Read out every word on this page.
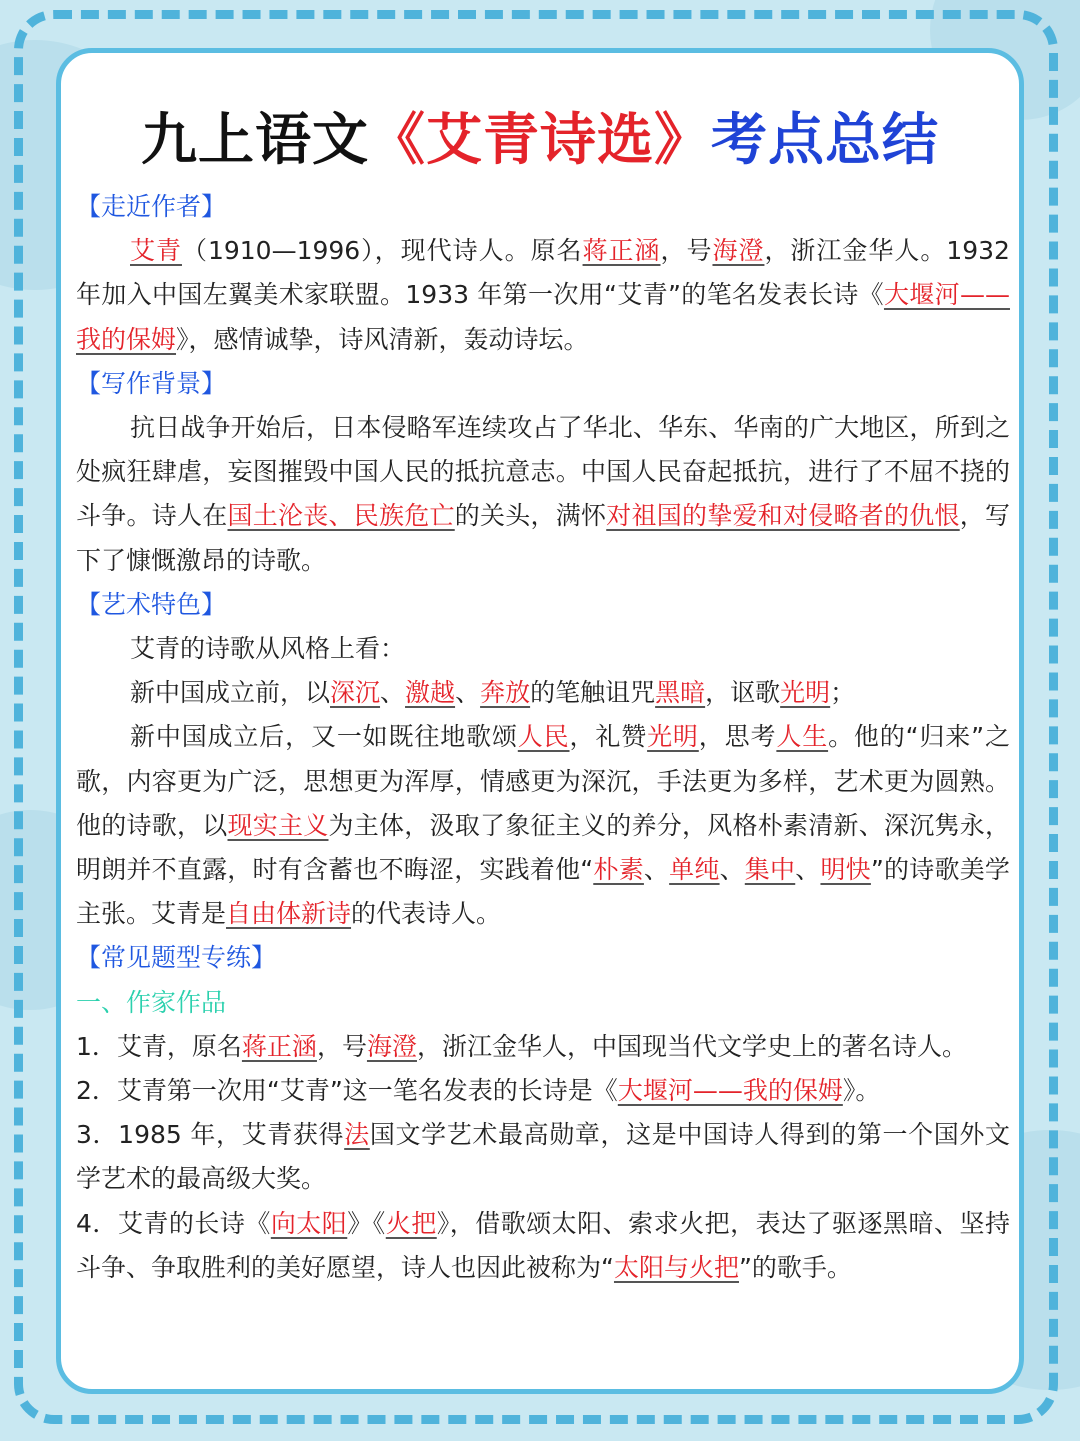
九上语文《艾青诗选》考点总结

【走近作者】

艾青（1910—1996），现代诗人。原名蒋正涵，号海澄，浙江金华人。1932 年加入中国左翼美术家联盟。1933 年第一次用“艾青”的笔名发表长诗《大堰河——我的保姆》，感情诚挚，诗风清新，轰动诗坛。

【写作背景】

抗日战争开始后，日本侵略军连续攻占了华北、华东、华南的广大地区，所到之处疯狂肆虐，妄图摧毁中国人民的抵抗意志。中国人民奋起抵抗，进行了不屈不挠的斗争。诗人在国土沦丧、民族危亡的关头，满怀对祖国的挚爱和对侵略者的仇恨，写下了慷慨激昂的诗歌。

【艺术特色】

艾青的诗歌从风格上看：

新中国成立前，以深沉、激越、奔放的笔触诅咒黑暗，讴歌光明；

新中国成立后，又一如既往地歌颂人民，礼赞光明，思考人生。他的“归来”之歌，内容更为广泛，思想更为浑厚，情感更为深沉，手法更为多样，艺术更为圆熟。他的诗歌，以现实主义为主体，汲取了象征主义的养分，风格朴素清新、深沉隽永，明朗并不直露，时有含蓄也不晦涩，实践着他“朴素、单纯、集中、明快”的诗歌美学主张。艾青是自由体新诗的代表诗人。

【常见题型专练】

一、作家作品

1．艾青，原名蒋正涵，号海澄，浙江金华人，中国现当代文学史上的著名诗人。

2．艾青第一次用“艾青”这一笔名发表的长诗是《大堰河——我的保姆》。

3．1985 年，艾青获得法国文学艺术最高勋章，这是中国诗人得到的第一个国外文学艺术的最高级大奖。

4．艾青的长诗《向太阳》《火把》，借歌颂太阳、索求火把，表达了驱逐黑暗、坚持斗争、争取胜利的美好愿望，诗人也因此被称为“太阳与火把”的歌手。
